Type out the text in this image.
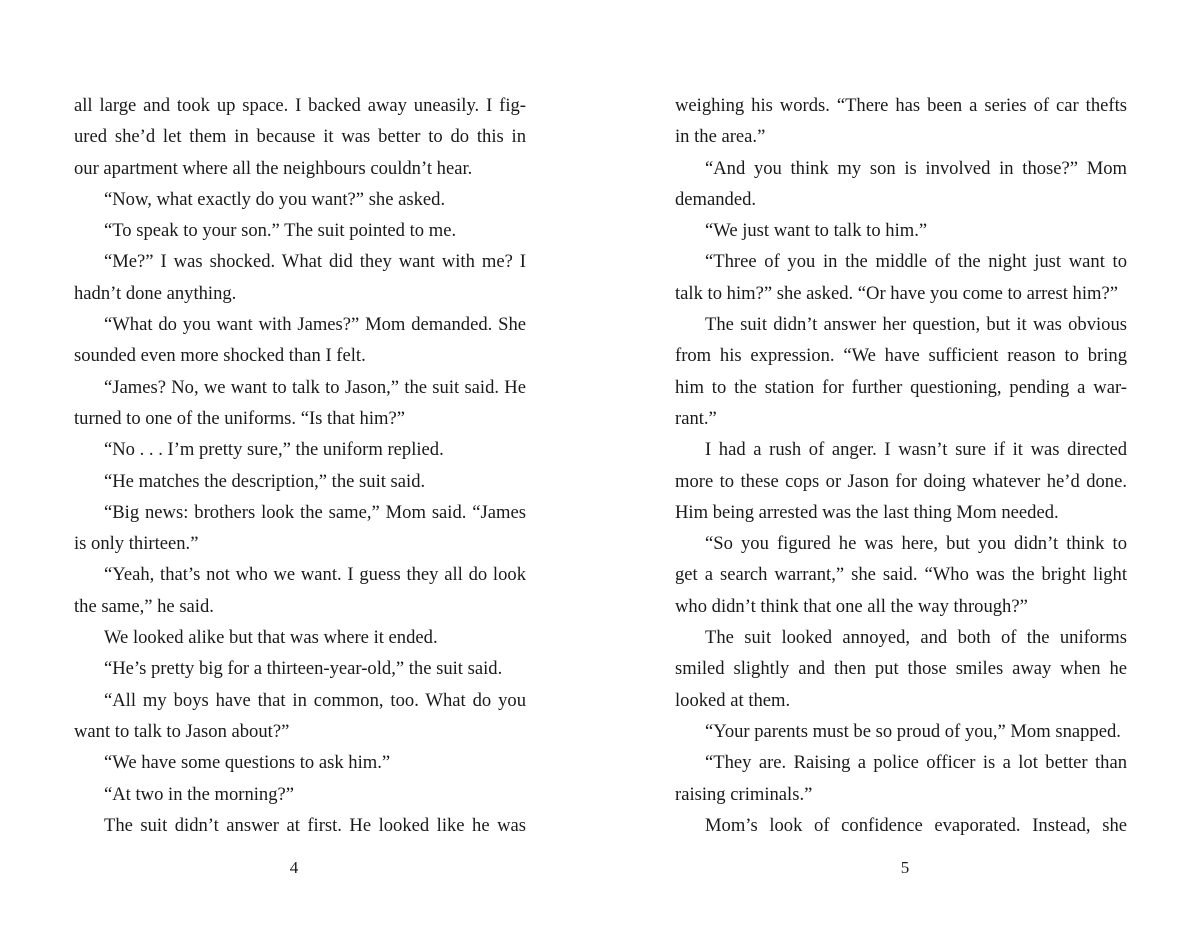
all large and took up space. I backed away uneasily. I fig-
ured she’d let them in because it was better to do this in
our apartment where all the neighbours couldn’t hear.
“Now, what exactly do you want?” she asked.
“To speak to your son.” The suit pointed to me.
“Me?” I was shocked. What did they want with me? I
hadn’t done anything.
“What do you want with James?” Mom demanded. She
sounded even more shocked than I felt.
“James? No, we want to talk to Jason,” the suit said. He
turned to one of the uniforms. “Is that him?”
“No . . . I’m pretty sure,” the uniform replied.
“He matches the description,” the suit said.
“Big news: brothers look the same,” Mom said. “James
is only thirteen.”
“Yeah, that’s not who we want. I guess they all do look
the same,” he said.
We looked alike but that was where it ended.
“He’s pretty big for a thirteen-year-old,” the suit said.
“All my boys have that in common, too. What do you
want to talk to Jason about?”
“We have some questions to ask him.”
“At two in the morning?”
The suit didn’t answer at first. He looked like he was
weighing his words. “There has been a series of car thefts
in the area.”
“And you think my son is involved in those?” Mom
demanded.
“We just want to talk to him.”
“Three of you in the middle of the night just want to
talk to him?” she asked. “Or have you come to arrest him?”
The suit didn’t answer her question, but it was obvious
from his expression. “We have sufficient reason to bring
him to the station for further questioning, pending a war-
rant.”
I had a rush of anger. I wasn’t sure if it was directed
more to these cops or Jason for doing whatever he’d done.
Him being arrested was the last thing Mom needed.
“So you figured he was here, but you didn’t think to
get a search warrant,” she said. “Who was the bright light
who didn’t think that one all the way through?”
The suit looked annoyed, and both of the uniforms
smiled slightly and then put those smiles away when he
looked at them.
“Your parents must be so proud of you,” Mom snapped.
“They are. Raising a police officer is a lot better than
raising criminals.”
Mom’s look of confidence evaporated. Instead, she
4	5
